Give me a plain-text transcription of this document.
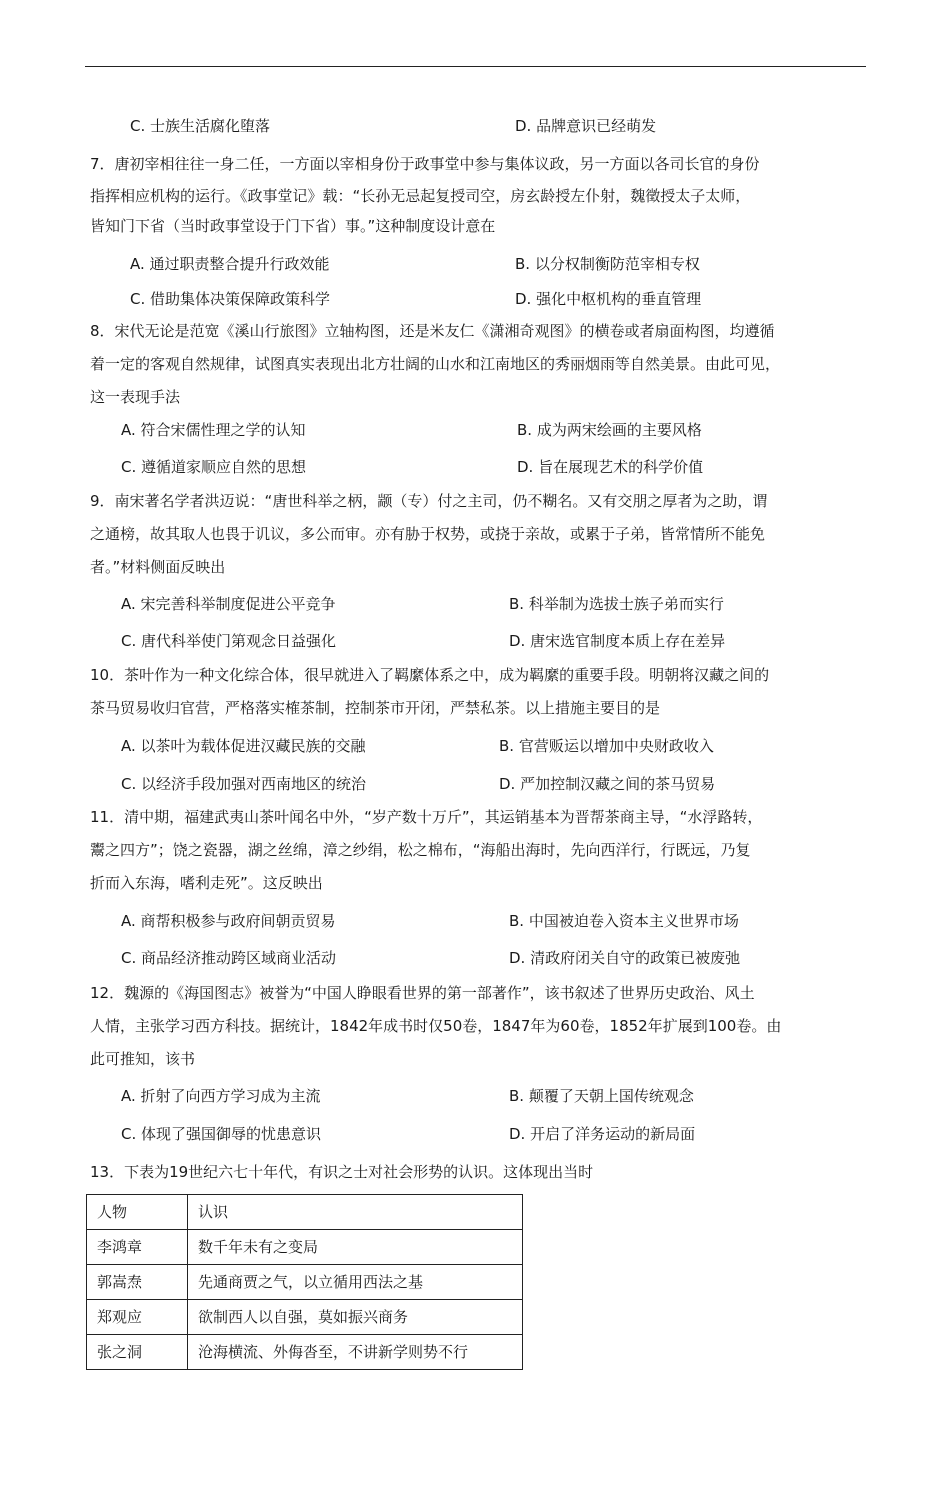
C. 士族生活腐化堕落	D. 品牌意识已经萌发
7．唐初宰相往往一身二任，一方面以宰相身份于政事堂中参与集体议政，另一方面以各司长官的身份
指挥相应机构的运行。《政事堂记》载：“长孙无忌起复授司空，房玄龄授左仆射，魏徵授太子太师，
皆知门下省（当时政事堂设于门下省）事。”这种制度设计意在
A. 通过职责整合提升行政效能	B. 以分权制衡防范宰相专权
C. 借助集体决策保障政策科学	D. 强化中枢机构的垂直管理
8．宋代无论是范宽《溪山行旅图》立轴构图，还是米友仁《潇湘奇观图》的横卷或者扇面构图，均遵循
着一定的客观自然规律，试图真实表现出北方壮阔的山水和江南地区的秀丽烟雨等自然美景。由此可见，
这一表现手法
A. 符合宋儒性理之学的认知	B. 成为两宋绘画的主要风格
C. 遵循道家顺应自然的思想	D. 旨在展现艺术的科学价值
9．南宋著名学者洪迈说：“唐世科举之柄，颛（专）付之主司，仍不糊名。又有交朋之厚者为之助，谓
之通榜，故其取人也畏于讥议，多公而审。亦有胁于权势，或挠于亲故，或累于子弟，皆常情所不能免
者。”材料侧面反映出
A. 宋完善科举制度促进公平竞争	B. 科举制为选拔士族子弟而实行
C. 唐代科举使门第观念日益强化	D. 唐宋选官制度本质上存在差异
10．茶叶作为一种文化综合体，很早就进入了羁縻体系之中，成为羁縻的重要手段。明朝将汉藏之间的
茶马贸易收归官营，严格落实榷茶制，控制茶市开闭，严禁私茶。以上措施主要目的是
A. 以茶叶为载体促进汉藏民族的交融	B. 官营贩运以增加中央财政收入
C. 以经济手段加强对西南地区的统治	D. 严加控制汉藏之间的茶马贸易
11．清中期，福建武夷山茶叶闻名中外，“岁产数十万斤”，其运销基本为晋帮茶商主导，“水浮路转，
鬻之四方”；饶之瓷器，湖之丝绵，漳之纱绢，松之棉布，“海船出海时，先向西洋行，行既远，乃复
折而入东海，嗜利走死”。这反映出
A. 商帮积极参与政府间朝贡贸易	B. 中国被迫卷入资本主义世界市场
C. 商品经济推动跨区域商业活动	D. 清政府闭关自守的政策已被废弛
12．魏源的《海国图志》被誉为“中国人睁眼看世界的第一部著作”，该书叙述了世界历史政治、风土
人情，主张学习西方科技。据统计，1842年成书时仅50卷，1847年为60卷，1852年扩展到100卷。由
此可推知，该书
A. 折射了向西方学习成为主流	B. 颠覆了天朝上国传统观念
C. 体现了强国御辱的忧患意识	D. 开启了洋务运动的新局面
13．下表为19世纪六七十年代，有识之士对社会形势的认识。这体现出当时
人物	认识
李鸿章	数千年未有之变局
郭嵩焘	先通商贾之气，以立循用西法之基
郑观应	欲制西人以自强，莫如振兴商务
张之洞	沧海横流、外侮沓至，不讲新学则势不行
